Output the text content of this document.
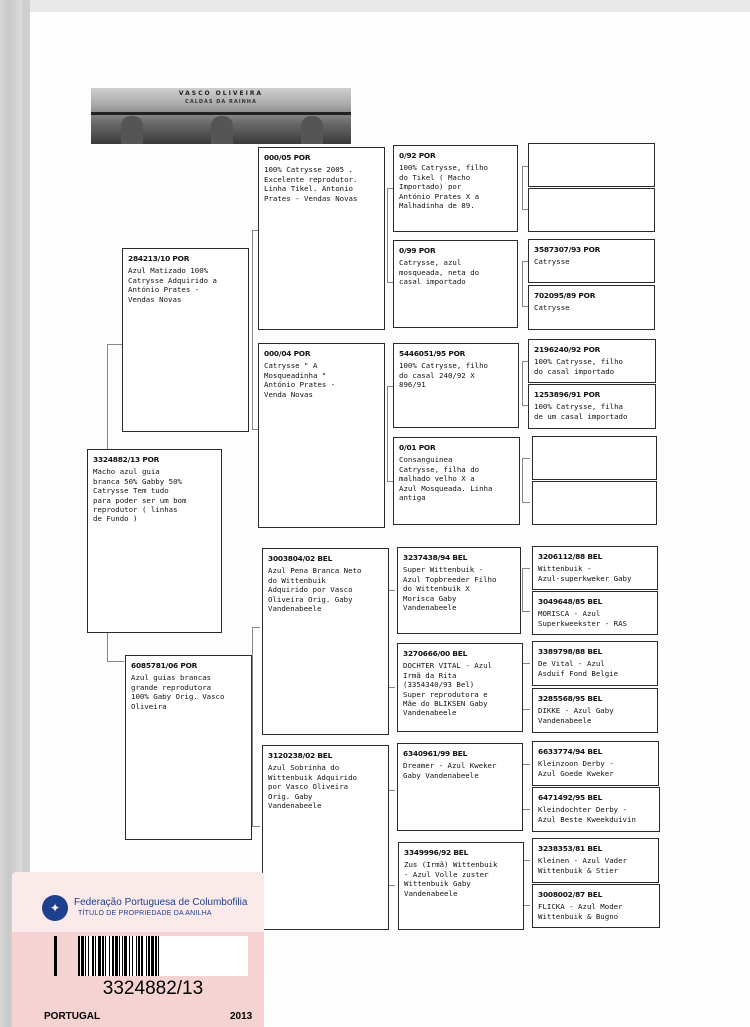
VASCO OLIVEIRA
CALDAS DA RAINHA
3324882/13 POR
Macho azul guia
branca 50% Gabby 50%
Catrysse Tem tudo
para poder ser um bom
reprodutor ( linhas
de Fundo )
284213/10 POR
Azul Matizado 100%
Catrysse Adquirido a
António Prates -
Vendas Novas
6085781/06 POR
Azul guias brancas
grande reprodutora
100% Gaby Orig. Vasco
Oliveira
000/05 POR
100% Catrysse 2005 .
Excelente reprodutor.
Linha Tikel. Antonio
Prates - Vendas Novas
000/04 POR
Catrysse " A
Mosqueadinha "
António Prates -
Venda Novas
3003804/02 BEL
Azul Pena Branca Neto
do Wittenbuik
Adquirido por Vasco
Oliveira Orig. Gaby
Vandenabeele
3120238/02 BEL
Azul Sobrinha do
Wittenbuik Adquirido
por Vasco Oliveira
Orig. Gaby
Vandenabeele
0/92 POR
100% Catrysse, filho
do Tikel ( Macho
Importado) por
António Prates X a
Malhadinha de 89.
0/99 POR
Catrysse, azul
mosqueada, neta do
casal importado
5446051/95 POR
100% Catrysse, filho
do casal 240/92 X
896/91
0/01 POR
Consanguinea
Catrysse, filha do
malhado velho X a
Azul Mosqueada. Linha
antiga
3237438/94 BEL
Super Wittenbuik -
Azul Topbreeder Filho
do Wittenbuik X
Morisca Gaby
Vandenabeele
3270666/00 BEL
DOCHTER VITAL - Azul
Irmã da Rita
(3354340/93 Bel)
Super reprodutora e
Mãe do BLIKSEN Gaby
Vandenabeele
6340961/99 BEL
Dreamer - Azul Kweker
Gaby Vandenabeele
3349996/92 BEL
Zus (Irmã) Wittenbuik
- Azul Volle zuster
Wittenbuik Gaby
Vandenabeele
3587307/93 POR
Catrysse
702095/89 POR
Catrysse
2196240/92 POR
100% Catrysse, filho
do casal importado
1253896/91 POR
100% Catrysse, filha
de um casal importado
3206112/88 BEL
Wittenbuik -
Azul-superkweker Gaby
3049648/85 BEL
MORISCA - Azul
Superkweekster - RAS
3389798/88 BEL
De Vital - Azul
Asduif Fond Belgie
3285568/95 BEL
DIKKE - Azul Gaby
Vandenabeele
6633774/94 BEL
Kleinzoon Derby -
Azul Goede Kweker
6471492/95 BEL
Kleindochter Derby -
Azul Beste Kweekduivin
3238353/81 BEL
Kleinen - Azul Vader
Wittenbuik & Stier
3008002/87 BEL
FLICKA - Azul Moder
Wittenbuik & Bugno
✦	Federação Portuguesa de Columbofilia
TÍTULO DE PROPRIEDADE DA ANILHA
3324882/13
PORTUGAL	2013
